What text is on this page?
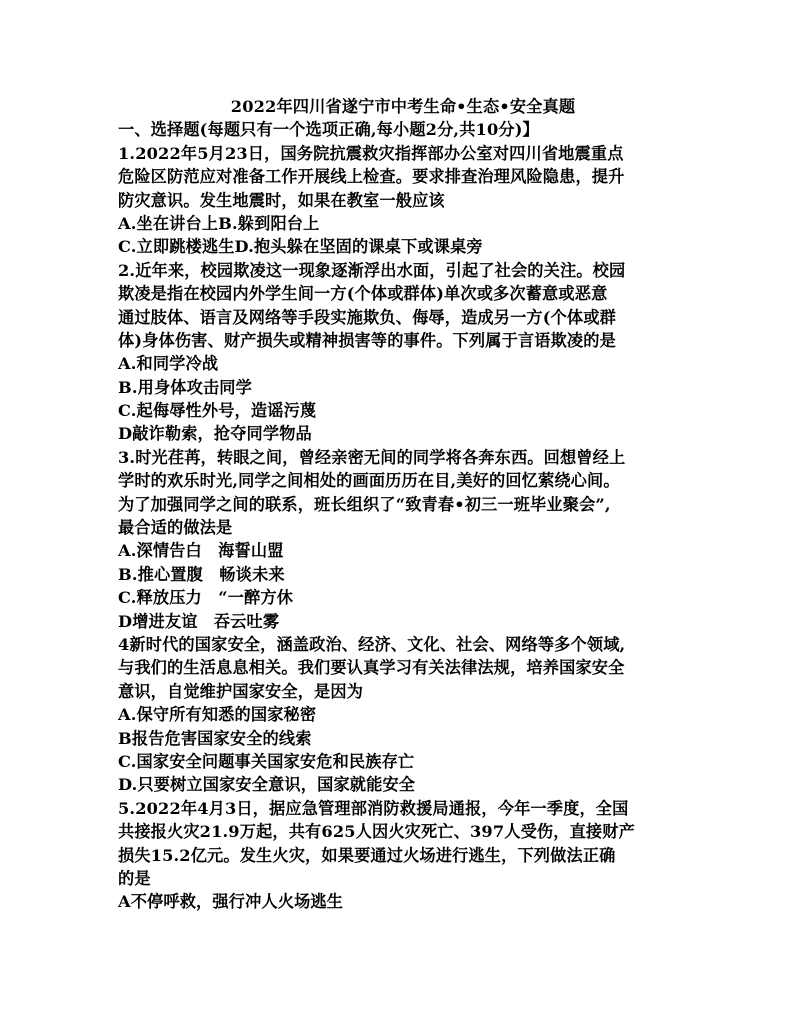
2022年四川省遂宁市中考生命•生态•安全真题
一、选择题(每题只有一个选项正确,每小题2分,共10分)】
1.2022年5月23日，国务院抗震救灾指挥部办公室对四川省地震重点
危险区防范应对准备工作开展线上检查。要求排查治理风险隐患，提升
防灾意识。发生地震时，如果在教室一般应该
A.坐在讲台上B.躲到阳台上
C.立即跳楼逃生D.抱头躲在坚固的课桌下或课桌旁
2.近年来，校园欺凌这一现象逐渐浮出水面，引起了社会的关注。校园
欺凌是指在校园内外学生间一方(个体或群体)单次或多次蓄意或恶意
通过肢体、语言及网络等手段实施欺负、侮辱，造成另一方(个体或群
体)身体伤害、财产损失或精神损害等的事件。下列属于言语欺凌的是
A.和同学冷战
B.用身体攻击同学
C.起侮辱性外号，造谣污蔑
D敲诈勒索，抢夺同学物品
3.时光荏苒，转眼之间，曾经亲密无间的同学将各奔东西。回想曾经上
学时的欢乐时光,同学之间相处的画面历历在目,美好的回忆萦绕心间。
为了加强同学之间的联系，班长组织了“致青春•初三一班毕业聚会”,
最合适的做法是
A.深情告白　海誓山盟
B.推心置腹　畅谈未来
C.释放压力　“一醉方休
D增进友谊　吞云吐雾
4新时代的国家安全，涵盖政治、经济、文化、社会、网络等多个领域,
与我们的生活息息相关。我们要认真学习有关法律法规，培养国家安全
意识，自觉维护国家安全，是因为
A.保守所有知悉的国家秘密
B报告危害国家安全的线索
C.国家安全问题事关国家安危和民族存亡
D.只要树立国家安全意识，国家就能安全
5.2022年4月3日，据应急管理部消防救援局通报，今年一季度，全国
共接报火灾21.9万起，共有625人因火灾死亡、397人受伤，直接财产
损失15.2亿元。发生火灾，如果要通过火场进行逃生，下列做法正确
的是
A不停呼救，强行冲人火场逃生
